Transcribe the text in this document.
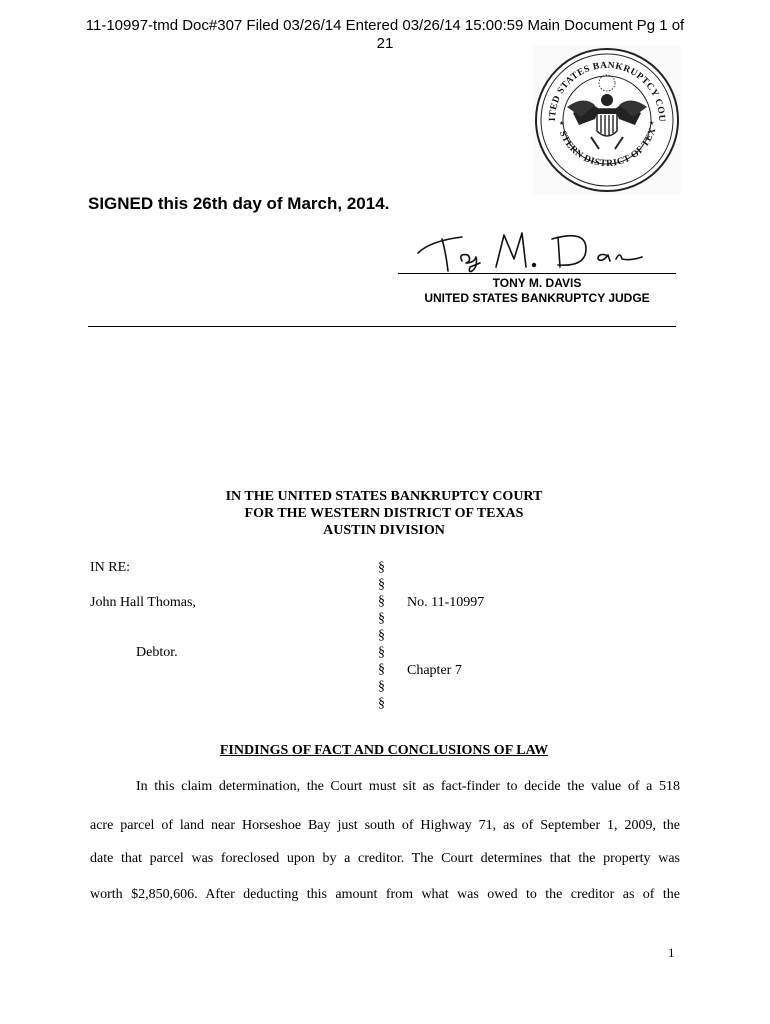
11-10997-tmd Doc#307 Filed 03/26/14 Entered 03/26/14 15:00:59 Main Document Pg 1 of
21
ITED STATES BANKRUPTCY COU
STERN DISTRICT OF TEX
★	★
SIGNED this 26th day of March, 2014.
TONY M. DAVIS
UNITED STATES BANKRUPTCY JUDGE
IN THE UNITED STATES BANKRUPTCY COURT
FOR THE WESTERN DISTRICT OF TEXAS
AUSTIN DIVISION
IN RE:
John Hall Thomas,
Debtor.
§
§
§
§
§
§
§
§
§
No. 11-10997
Chapter 7
FINDINGS OF FACT AND CONCLUSIONS OF LAW
In this claim determination, the Court must sit as fact-finder to decide the value of a 518
acre parcel of land near Horseshoe Bay just south of Highway 71, as of September 1, 2009, the
date that parcel was foreclosed upon by a creditor. The Court determines that the property was
worth $2,850,606. After deducting this amount from what was owed to the creditor as of the
1
